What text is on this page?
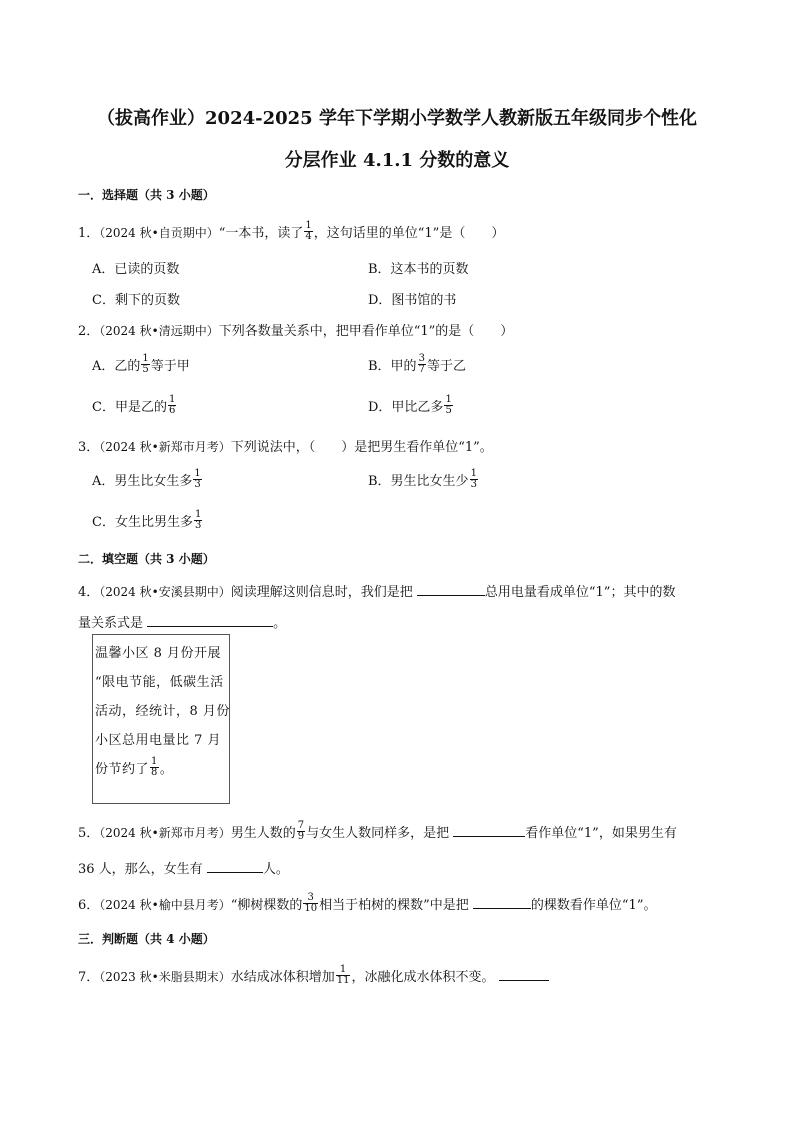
（拔高作业）2024-2025 学年下学期小学数学人教新版五年级同步个性化
分层作业 4.1.1 分数的意义
一．选择题（共 3 小题）
1．（2024 秋•自贡期中）“一本书，读了 $\frac{1}{4}$ ，这句话里的单位“1”是（　　）
A．已读的页数	B．这本书的页数
C．剩下的页数	D．图书馆的书
2．（2024 秋•清远期中）下列各数量关系中，把甲看作单位“1”的是（　　）
A．乙的 $\frac{1}{5}$ 等于甲	B．甲的 $\frac{3}{7}$ 等于乙
C．甲是乙的 $\frac{1}{6}$	D．甲比乙多 $\frac{1}{5}$
3．（2024 秋•新郑市月考）下列说法中，（　　）是把男生看作单位“1”。
A．男生比女生多 $\frac{1}{3}$	B．男生比女生少 $\frac{1}{3}$
C．女生比男生多 $\frac{1}{3}$
二．填空题（共 3 小题）
4．（2024 秋•安溪县期中）阅读理解这则信息时，我们是把	总用电量看成单位“1”；其中的数
量关系式是	。
温馨小区 8 月份开展
“限电节能，低碳生活
活动，经统计，8 月份
小区总用电量比 7 月
份节约了 $\frac{1}{8}$ 。
5．（2024 秋•新郑市月考）男生人数的 $\frac{7}{9}$ 与女生人数同样多，是把	看作单位“1”，如果男生有
36 人，那么，女生有	人。
6．（2024 秋•榆中县月考）“柳树棵数的 $\frac{3}{10}$ 相当于柏树的棵数”中是把	的棵数看作单位“1”。
三．判断题（共 4 小题）
7．（2023 秋•米脂县期末）水结成冰体积增加 $\frac{1}{11}$ ，冰融化成水体积不变。
